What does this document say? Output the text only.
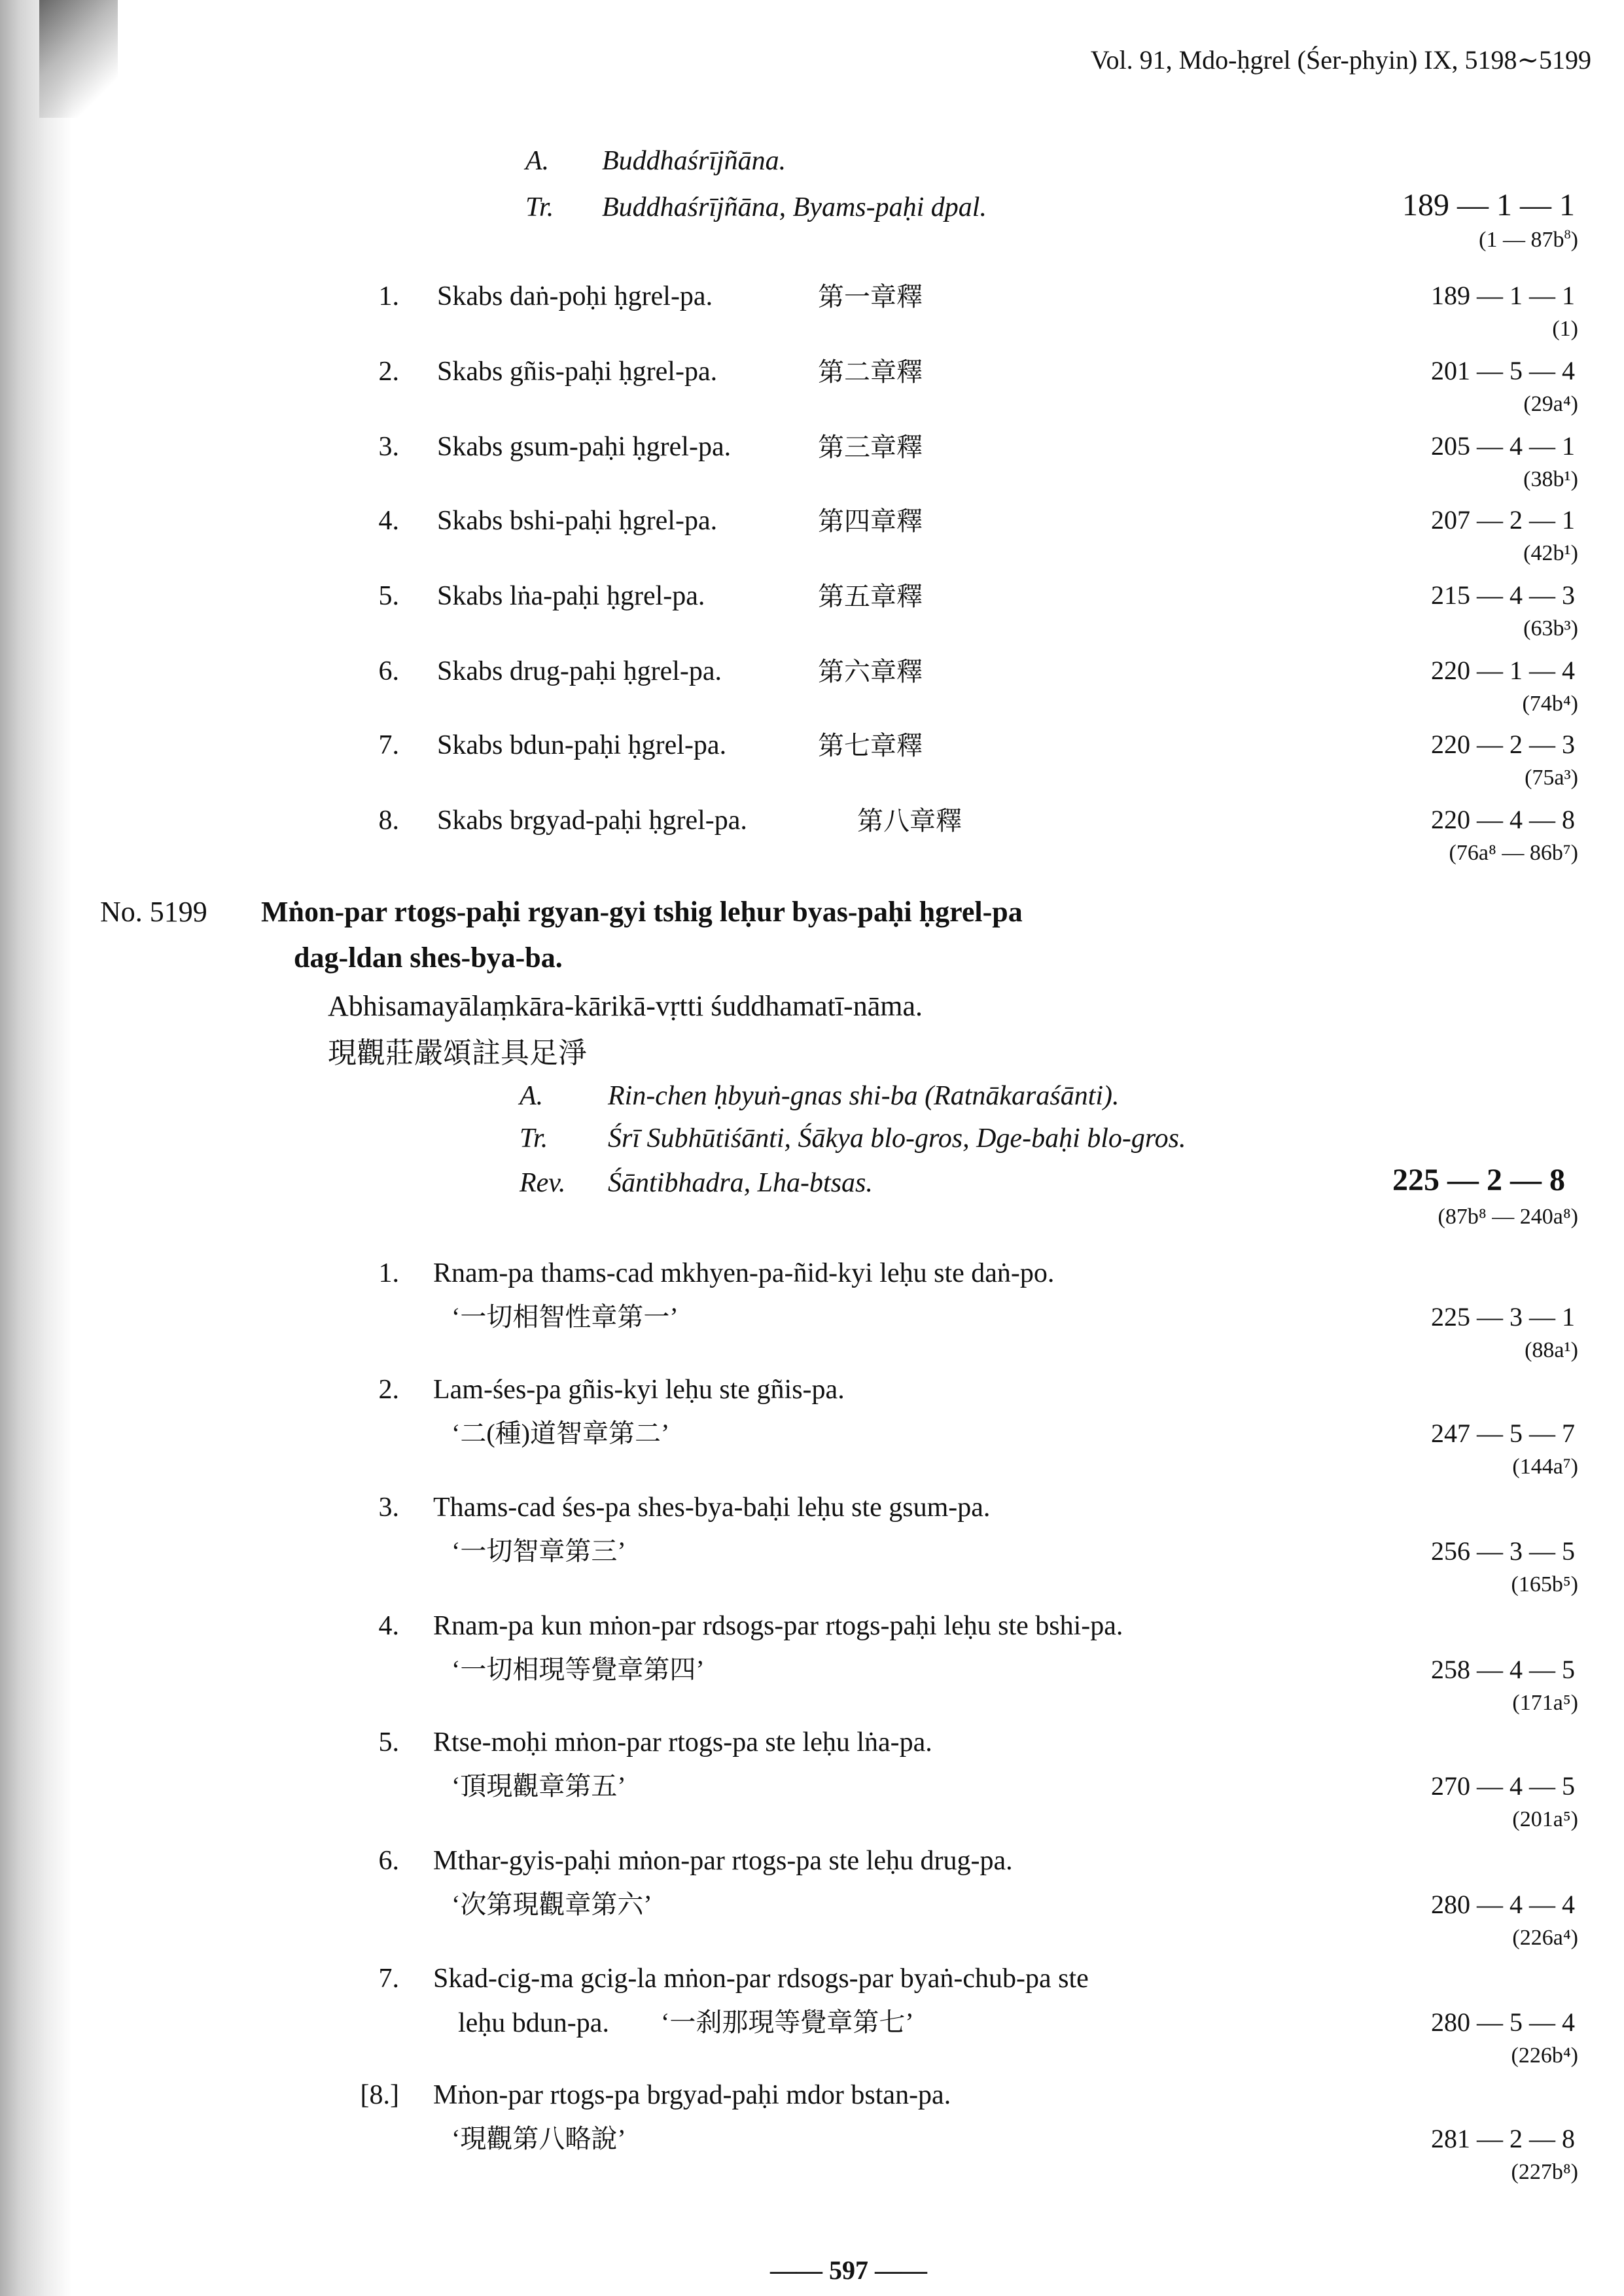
Vol. 91, Mdo-ḥgrel (Śer-phyin) IX, 5198∼5199
A. Buddhaśrījñāna.
Tr. Buddhaśrījñāna, Byams-paḥi dpal.	189 — 1 — 1
(1 — $87b^8$)
1. Skabs daṅ-poḥi ḥgrel-pa.	第一章釋	189 — 1 — 1
(1)
2. Skabs gñis-paḥi ḥgrel-pa.	第二章釋	201 — 5 — 4
(29a⁴)
3. Skabs gsum-paḥi ḥgrel-pa.	第三章釋	205 — 4 — 1
(38b¹)
4. Skabs bshi-paḥi ḥgrel-pa.	第四章釋	207 — 2 — 1
(42b¹)
5. Skabs lṅa-paḥi ḥgrel-pa.	第五章釋	215 — 4 — 3
(63b³)
6. Skabs drug-paḥi ḥgrel-pa.	第六章釋	220 — 1 — 4
(74b⁴)
7. Skabs bdun-paḥi ḥgrel-pa.	第七章釋	220 — 2 — 3
(75a³)
8. Skabs brgyad-paḥi ḥgrel-pa.	第八章釋	220 — 4 — 8
(76a⁸ — 86b⁷)
No. 5199 Mṅon-par rtogs-paḥi rgyan-gyi tshig leḥur byas-paḥi ḥgrel-pa
dag-ldan shes-bya-ba.
Abhisamayālaṃkāra-kārikā-vṛtti śuddhamatī-nāma.
現觀莊嚴頌註具足淨
A. Rin-chen ḥbyuṅ-gnas shi-ba (Ratnākaraśānti).
Tr. Śrī Subhūtiśānti, Śākya blo-gros, Dge-baḥi blo-gros.
Rev. Śāntibhadra, Lha-btsas.	225 — 2 — 8
(87b⁸ — 240a⁸)
1. Rnam-pa thams-cad mkhyen-pa-ñid-kyi leḥu ste daṅ-po.
‘一切相智性章第一’	225 — 3 — 1
(88a¹)
2. Lam-śes-pa gñis-kyi leḥu ste gñis-pa.
‘二(種)道智章第二’	247 — 5 — 7
(144a⁷)
3. Thams-cad śes-pa shes-bya-baḥi leḥu ste gsum-pa.
‘一切智章第三’	256 — 3 — 5
(165b⁵)
4. Rnam-pa kun mṅon-par rdsogs-par rtogs-paḥi leḥu ste bshi-pa.
‘一切相現等覺章第四’	258 — 4 — 5
(171a⁵)
5. Rtse-moḥi mṅon-par rtogs-pa ste leḥu lṅa-pa.
‘頂現觀章第五’	270 — 4 — 5
(201a⁵)
6. Mthar-gyis-paḥi mṅon-par rtogs-pa ste leḥu drug-pa.
‘次第現觀章第六’	280 — 4 — 4
(226a⁴)
7. Skad-cig-ma gcig-la mṅon-par rdsogs-par byaṅ-chub-pa ste
leḥu bdun-pa. ‘一刹那現等覺章第七’	280 — 5 — 4
(226b⁴)
[8.] Mṅon-par rtogs-pa brgyad-paḥi mdor bstan-pa.
‘現觀第八略說’	281 — 2 — 8
(227b⁸)
—— 597 ——
